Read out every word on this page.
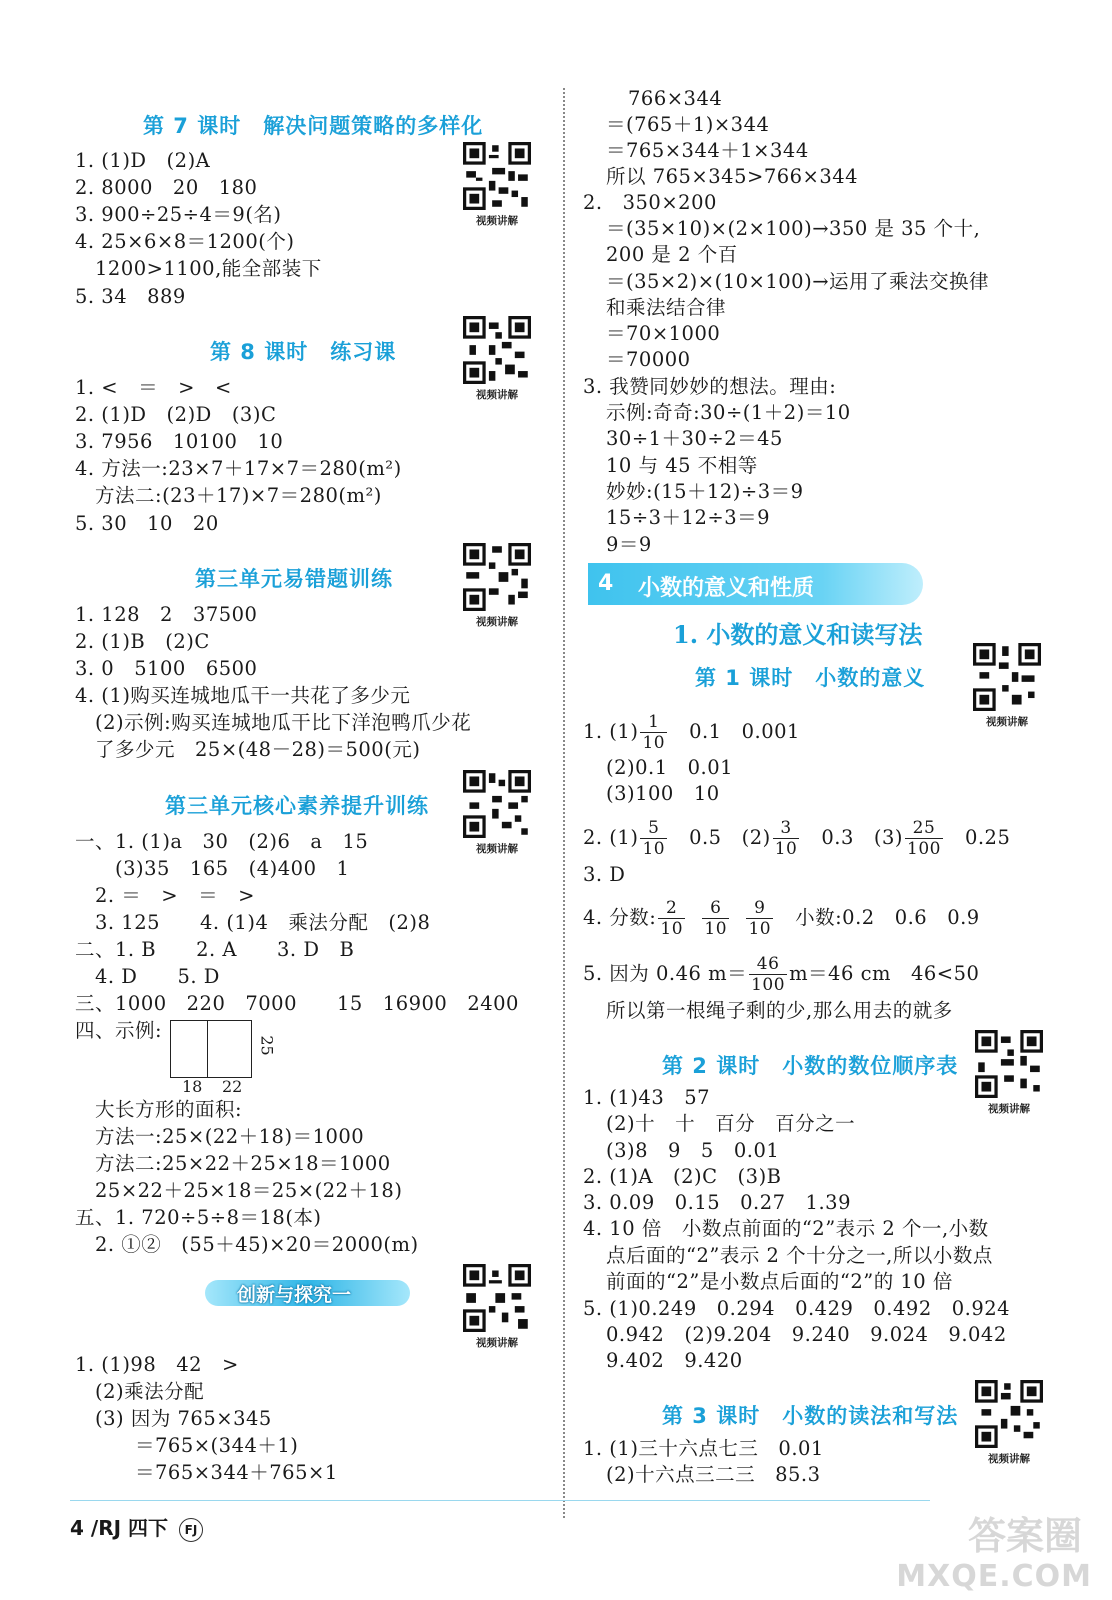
第 7 课时　解决问题策略的多样化
1. (1)D　(2)A
2. 8000　20　180
3. 900÷25÷4＝9(名)
4. 25×6×8＝1200(个)
　1200>1100,能全部装下
5. 34　889
第 8 课时　练习课
1. <　＝　>　<
2. (1)D　(2)D　(3)C
3. 7956　10100　10
4. 方法一:23×7＋17×7＝280(m²)
　方法二:(23＋17)×7＝280(m²)
5. 30　10　20
第三单元易错题训练
1. 128　2　37500
2. (1)B　(2)C
3. 0　5100　6500
4. (1)购买连城地瓜干一共花了多少元
　(2)示例:购买连城地瓜干比下洋泡鸭爪少花
　了多少元　25×(48－28)＝500(元)
第三单元核心素养提升训练
一、1. (1)a　30　(2)6　a　15
　　(3)35　165　(4)400　1
　2. ＝　>　＝　>
　3. 125　　4. (1)4　乘法分配　(2)8
二、1. B　　2. A　　3. D　B
　4. D　　5. D
三、1000　220　7000　　15　16900　2400
四、示例:
25
18 22
　大长方形的面积:
　方法一:25×(22＋18)＝1000
　方法二:25×22＋25×18＝1000
　25×22＋25×18＝25×(22＋18)
五、1. 720÷5÷8＝18(本)
　2. ①②　(55＋45)×20＝2000(m)
创新与探究一
1. (1)98　42　>
　(2)乘法分配
　(3) 因为 765×345
　　　＝765×(344＋1)
　　　＝765×344＋765×1
视频讲解
视频讲解
视频讲解
视频讲解
视频讲解
766×344
＝(765＋1)×344
＝765×344＋1×344
所以 765×345>766×344
2.　350×200
＝(35×10)×(2×100)→350 是 35 个十,
200 是 2 个百
＝(35×2)×(10×100)→运用了乘法交换律
和乘法结合律
＝70×1000
＝70000
3. 我赞同妙妙的想法。理由:
示例:奇奇:30÷(1＋2)＝10
30÷1＋30÷2＝45
10 与 45 不相等
妙妙:(15＋12)÷3＝9
15÷3＋12÷3＝9
9＝9
4 小数的意义和性质
1. 小数的意义和读写法
第 1 课时　小数的意义
1. $(1) \frac{1}{10}$ 　0.1　0.001
(2)0.1　0.01
(3)100　10
2. $(1) \frac{5}{10}$ 　0.5　$(2) \frac{3}{10}$ 　0.3　$(3) \frac{25}{100}$ 　0.25
3. D
4. 分数: $\frac{2}{10}$
$\frac{6}{10}$
$\frac{9}{10}$ 　小数:0.2　0.6　0.9
5. 因为 0.46 $m= \frac{46}{100} m=46$ cm　46<50
所以第一根绳子剩的少,那么用去的就多
第 2 课时　小数的数位顺序表
1. (1)43　57
(2)十　十　百分　百分之一
(3)8　9　5　0.01
2. (1)A　(2)C　(3)B
3. 0.09　0.15　0.27　1.39
4. 10 倍　小数点前面的“2”表示 2 个一,小数
点后面的“2”表示 2 个十分之一,所以小数点
前面的“2”是小数点后面的“2”的 10 倍
5. (1)0.249　0.294　0.429　0.492　0.924
0.942　(2)9.204　9.240　9.024　9.042
9.402　9.420
第 3 课时　小数的读法和写法
1. (1)三十六点七三　0.01
(2)十六点三二三　85.3
视频讲解
视频讲解
视频讲解
4 /RJ 四下 FJ	答案圈
MXQE.COM
